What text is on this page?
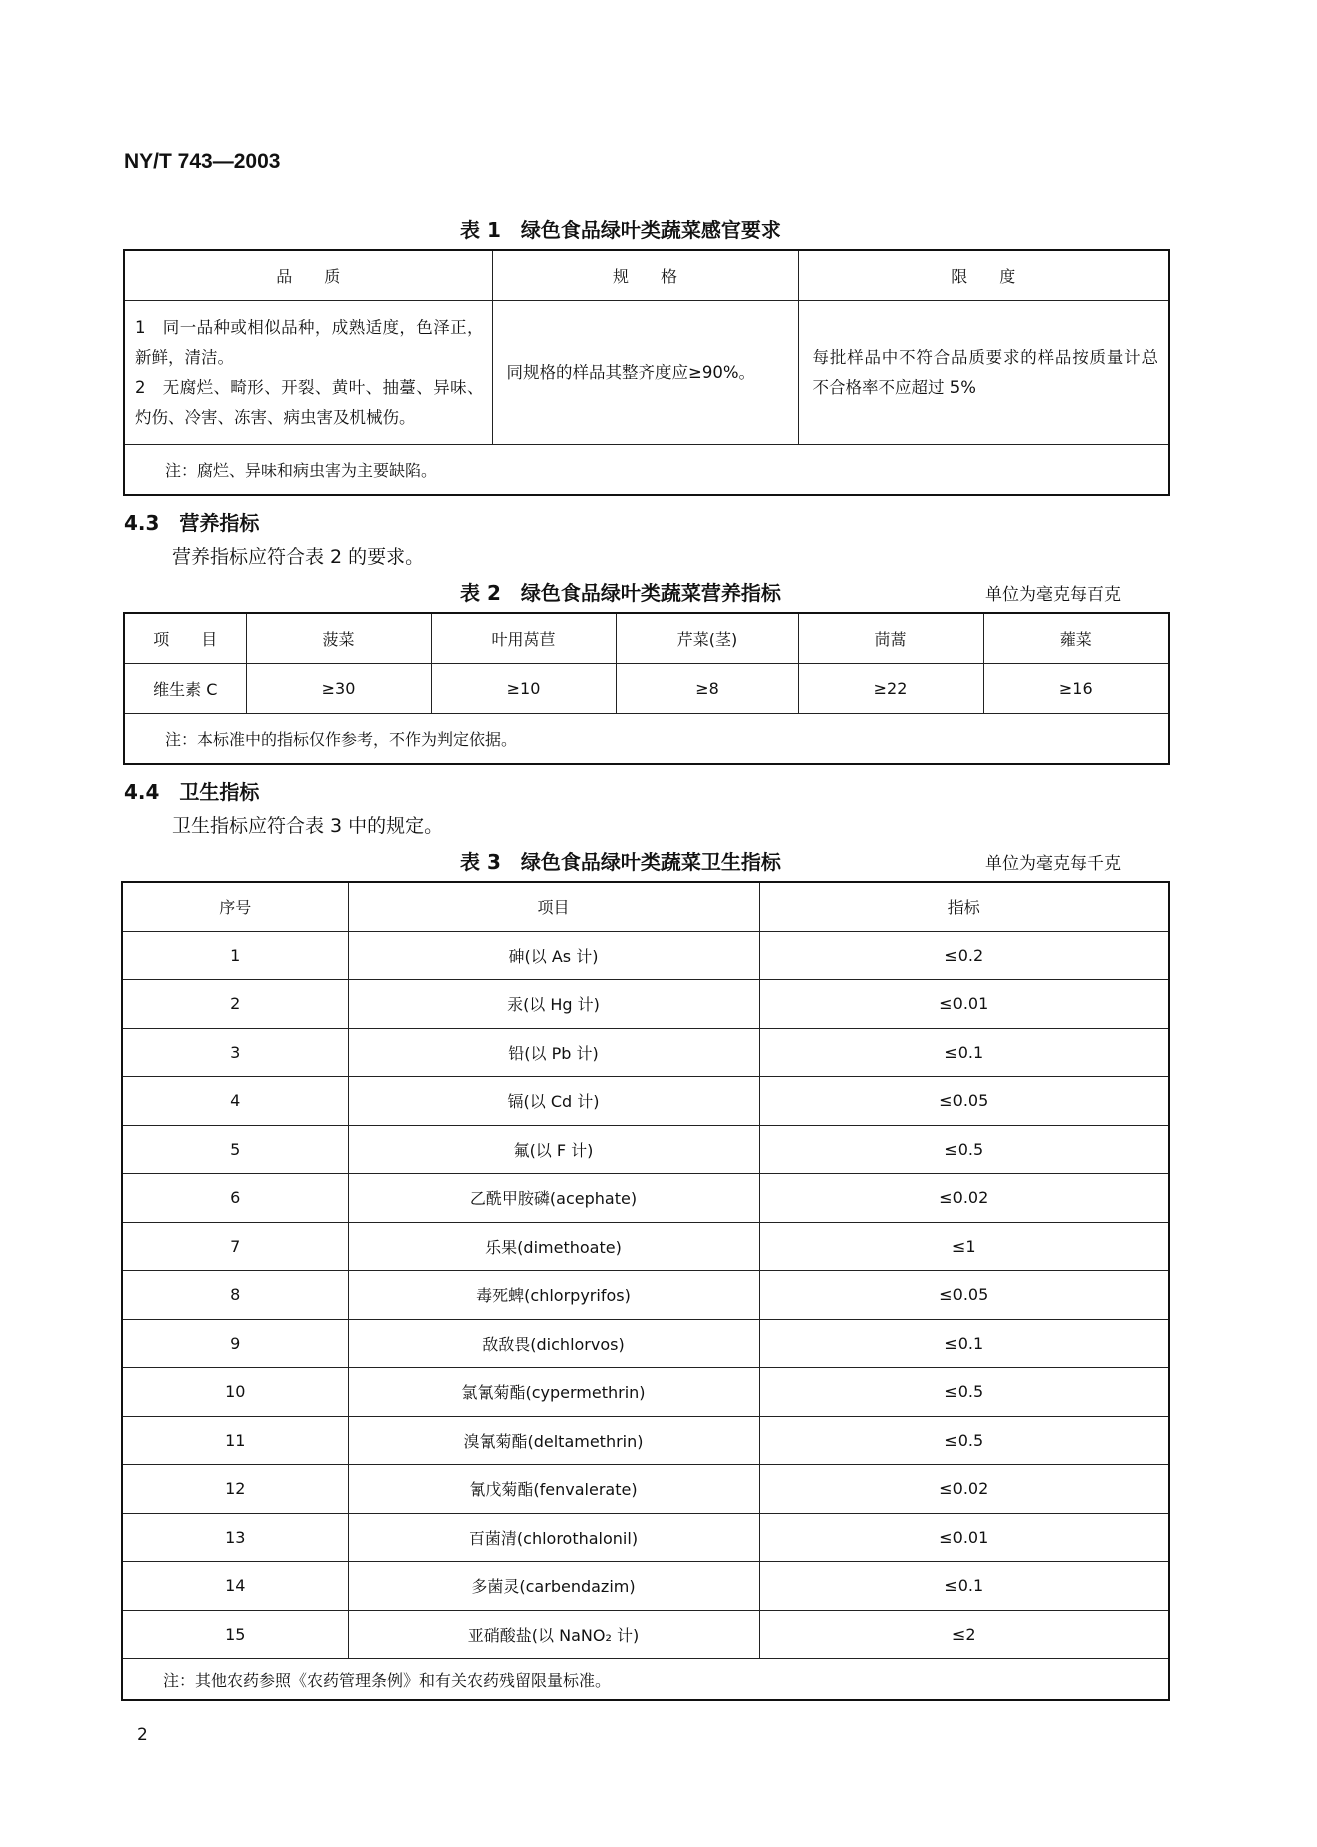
NY/T 743—2003
表 1　绿色食品绿叶类蔬菜感官要求
品　　质	规　　格	限　　度
1　同一品种或相似品种，成熟适度，色泽正，新鲜，清洁。
2　无腐烂、畸形、开裂、黄叶、抽薹、异味、灼伤、冷害、冻害、病虫害及机械伤。	同规格的样品其整齐度应≥90%。	每批样品中不符合品质要求的样品按质量计总不合格率不应超过 5%
注：腐烂、异味和病虫害为主要缺陷。		
4.3　营养指标
营养指标应符合表 2 的要求。
表 2　绿色食品绿叶类蔬菜营养指标	单位为毫克每百克
项　　目	菠菜	叶用莴苣	芹菜(茎)	茼蒿	蕹菜
维生素 C	≥30	≥10	≥8	≥22	≥16
注：本标准中的指标仅作参考，不作为判定依据。					
4.4　卫生指标
卫生指标应符合表 3 中的规定。
表 3　绿色食品绿叶类蔬菜卫生指标	单位为毫克每千克
序号	项目	指标
1	砷(以 As 计)	≤0.2
2	汞(以 Hg 计)	≤0.01
3	铅(以 Pb 计)	≤0.1
4	镉(以 Cd 计)	≤0.05
5	氟(以 F 计)	≤0.5
6	乙酰甲胺磷(acephate)	≤0.02
7	乐果(dimethoate)	≤1
8	毒死蜱(chlorpyrifos)	≤0.05
9	敌敌畏(dichlorvos)	≤0.1
10	氯氰菊酯(cypermethrin)	≤0.5
11	溴氰菊酯(deltamethrin)	≤0.5
12	氰戊菊酯(fenvalerate)	≤0.02
13	百菌清(chlorothalonil)	≤0.01
14	多菌灵(carbendazim)	≤0.1
15	亚硝酸盐(以 NaNO₂ 计)	≤2
注：其他农药参照《农药管理条例》和有关农药残留限量标准。		
2
